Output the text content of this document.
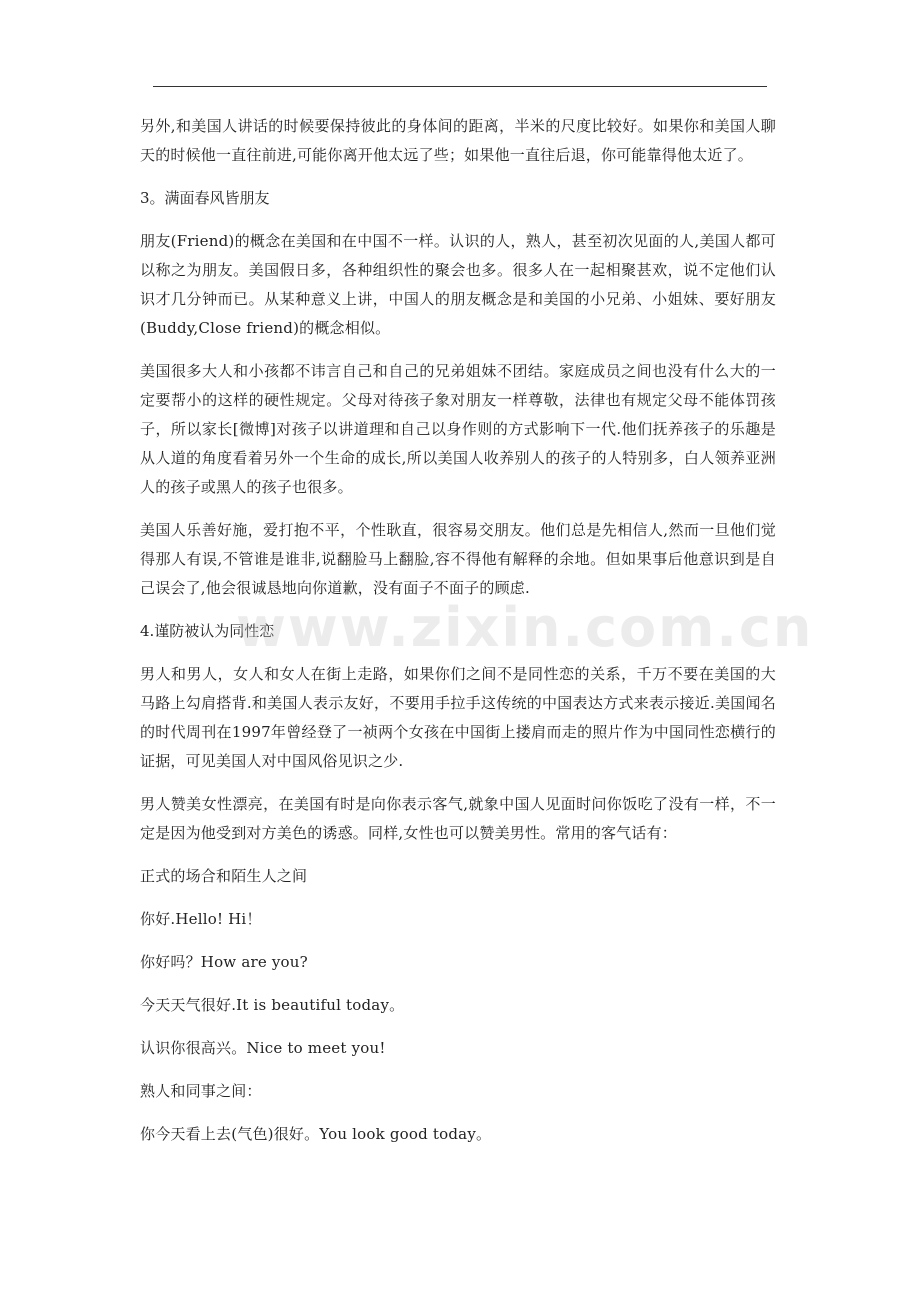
另外,和美国人讲话的时候要保持彼此的身体间的距离，半米的尺度比较好。如果你和美国人聊天的时候他一直往前进,可能你离开他太远了些；如果他一直往后退，你可能靠得他太近了。

3。满面春风皆朋友

朋友(Friend)的概念在美国和在中国不一样。认识的人，熟人，甚至初次见面的人,美国人都可以称之为朋友。美国假日多，各种组织性的聚会也多。很多人在一起相聚甚欢，说不定他们认识才几分钟而已。从某种意义上讲，中国人的朋友概念是和美国的小兄弟、小姐妹、要好朋友(Buddy,Close friend)的概念相似。

美国很多大人和小孩都不讳言自己和自己的兄弟姐妹不团结。家庭成员之间也没有什么大的一定要帮小的这样的硬性规定。父母对待孩子象对朋友一样尊敬，法律也有规定父母不能体罚孩子，所以家长[微博]对孩子以讲道理和自己以身作则的方式影响下一代.他们抚养孩子的乐趣是从人道的角度看着另外一个生命的成长,所以美国人收养别人的孩子的人特别多，白人领养亚洲人的孩子或黑人的孩子也很多。

美国人乐善好施，爱打抱不平，个性耿直，很容易交朋友。他们总是先相信人,然而一旦他们觉得那人有误,不管谁是谁非,说翻脸马上翻脸,容不得他有解释的余地。但如果事后他意识到是自己误会了,他会很诚恳地向你道歉，没有面子不面子的顾虑.

4.谨防被认为同性恋

男人和男人，女人和女人在街上走路，如果你们之间不是同性恋的关系，千万不要在美国的大马路上勾肩搭背.和美国人表示友好，不要用手拉手这传统的中国表达方式来表示接近.美国闻名的时代周刊在1997年曾经登了一祯两个女孩在中国街上搂肩而走的照片作为中国同性恋横行的证据，可见美国人对中国风俗见识之少.

男人赞美女性漂亮，在美国有时是向你表示客气,就象中国人见面时问你饭吃了没有一样，不一定是因为他受到对方美色的诱惑。同样,女性也可以赞美男性。常用的客气话有：

正式的场合和陌生人之间

你好.Hello! Hi！

你好吗？How are you?

今天天气很好.It is beautiful today。

认识你很高兴。Nice to meet you!

熟人和同事之间：

你今天看上去(气色)很好。You look good today。

www.zixin.com.cn
